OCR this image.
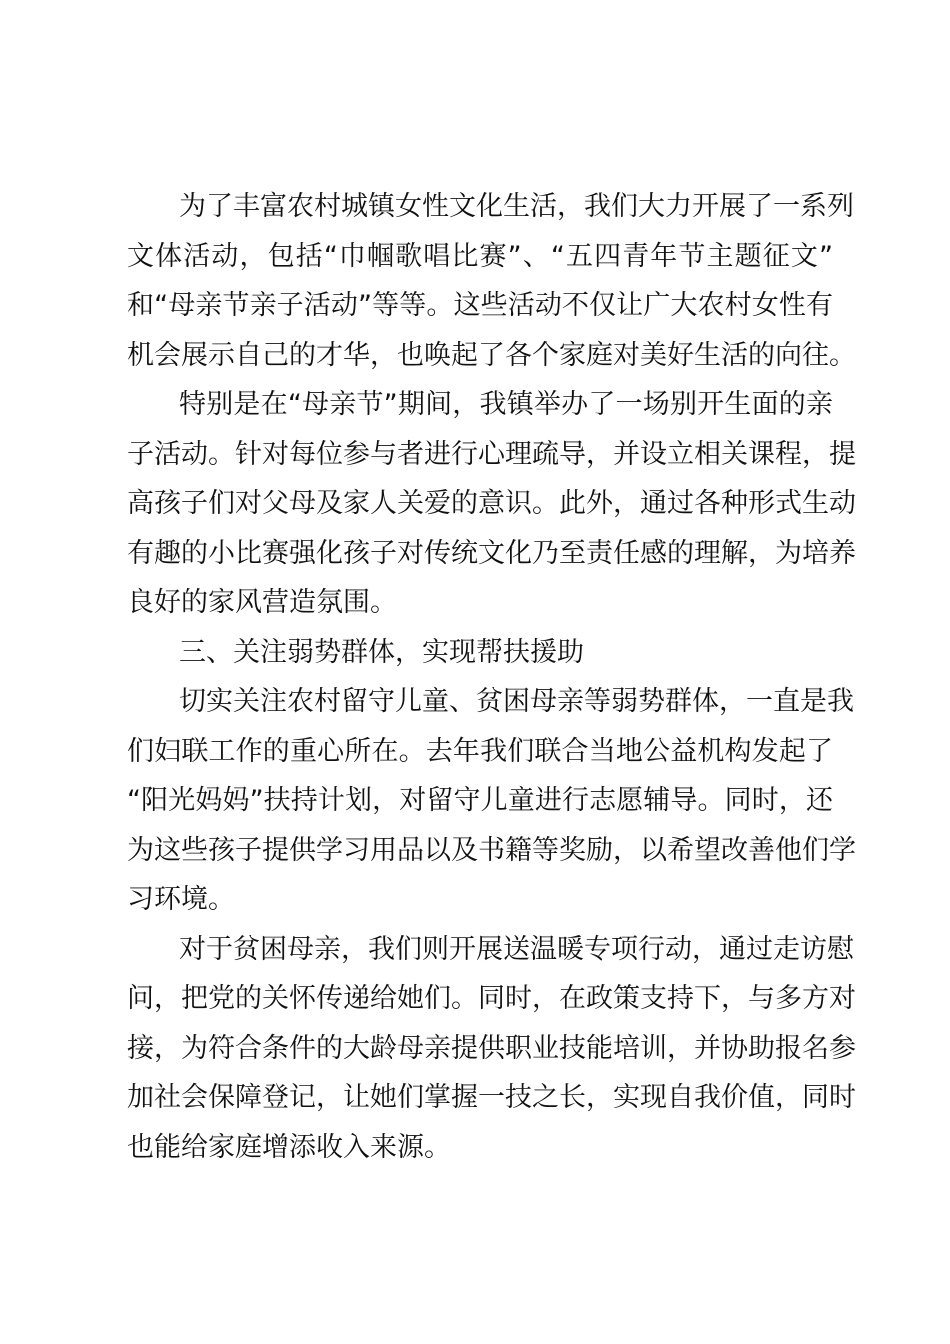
为了丰富农村城镇女性文化生活，我们大力开展了一系列
文体活动，包括“巾帼歌唱比赛”、“五四青年节主题征文”
和“母亲节亲子活动”等等。这些活动不仅让广大农村女性有
机会展示自己的才华，也唤起了各个家庭对美好生活的向往。
特别是在“母亲节”期间，我镇举办了一场别开生面的亲
子活动。针对每位参与者进行心理疏导，并设立相关课程，提
高孩子们对父母及家人关爱的意识。此外，通过各种形式生动
有趣的小比赛强化孩子对传统文化乃至责任感的理解，为培养
良好的家风营造氛围。
三、关注弱势群体，实现帮扶援助
切实关注农村留守儿童、贫困母亲等弱势群体，一直是我
们妇联工作的重心所在。去年我们联合当地公益机构发起了
“阳光妈妈”扶持计划，对留守儿童进行志愿辅导。同时，还
为这些孩子提供学习用品以及书籍等奖励，以希望改善他们学
习环境。
对于贫困母亲，我们则开展送温暖专项行动，通过走访慰
问，把党的关怀传递给她们。同时，在政策支持下，与多方对
接，为符合条件的大龄母亲提供职业技能培训，并协助报名参
加社会保障登记，让她们掌握一技之长，实现自我价值，同时
也能给家庭增添收入来源。
